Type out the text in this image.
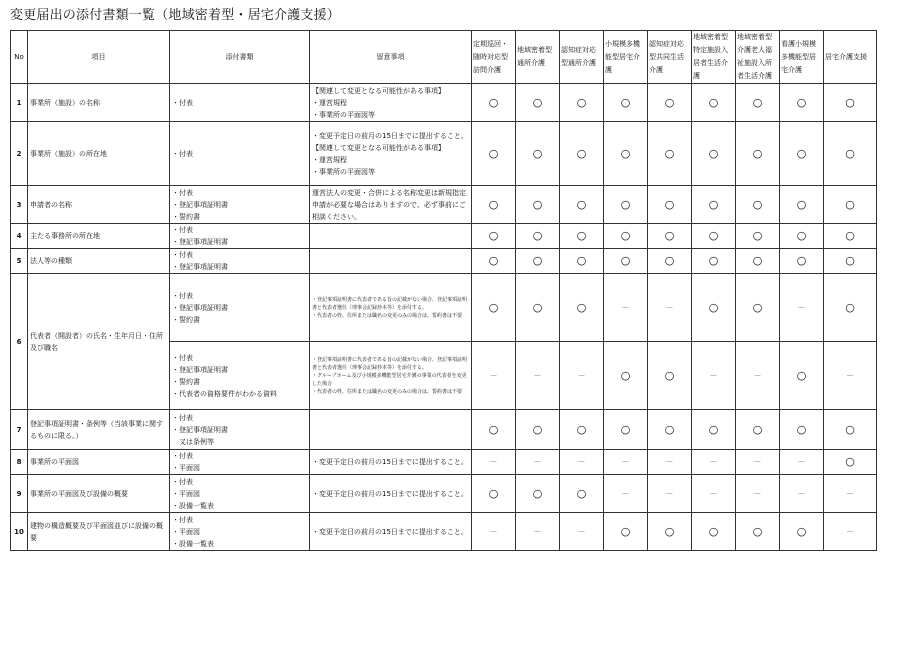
変更届出の添付書類一覧（地域密着型・居宅介護支援）
No	項目	添付書類	留意事項	定期巡回・随時対応型訪問介護	地域密着型通所介護	認知症対応型通所介護	小規模多機能型居宅介護	認知症対応型共同生活介護	地域密着型特定施設入居者生活介護	地域密着型介護老人福祉施設入所者生活介護	看護小規模多機能型居宅介護	居宅介護支援
1	事業所（施設）の名称	・付表	【関連して変更となる可能性がある事項】
・運営規程
・事業所の平面図等	○	○	○	○	○	○	○	○	○
2	事業所（施設）の所在地	・付表	・変更予定日の前月の15日までに提出すること。
【関連して変更となる可能性がある事項】
・運営規程
・事業所の平面図等	○	○	○	○	○	○	○	○	○
3	申請者の名称	・付表
・登記事項証明書
・誓約書	運営法人の変更・合併による名称変更は新規指定申請が必要な場合はありますので、必ず事前にご相談ください。	○	○	○	○	○	○	○	○	○
4	主たる事務所の所在地	・付表
・登記事項証明書		○	○	○	○	○	○	○	○	○
5	法人等の種類	・付表
・登記事項証明書		○	○	○	○	○	○	○	○	○
6	代表者（開設者）の氏名・生年月日・住所及び職名	・付表
・登記事項証明書
・誓約書	・登記事項証明書に代表者である旨の記載がない場合、登記事項証明書と代表者選任（理事会記録抄本等）を添付する。
・代表者の姓、住所または職名の変更のみの場合は、誓約書は不要	○	○	○	－	－	○	○	－	○

		・付表
・登記事項証明書
・誓約書
・代表者の資格要件がわかる資料	・登記事項証明書に代表者である旨の記載がない場合、登記事項証明書と代表者選任（理事会記録抄本等）を添付する。
・グループホーム及び小規模多機能型居宅介護の事業の代表者を変更した場合
・代表者の姓、住所または職名の変更のみの場合は、誓約書は不要	－	－	－	○	○	－	－	○	－
7	登記事項証明書・条例等（当該事業に関するものに限る。）	・付表
・登記事項証明書
　又は条例等		○	○	○	○	○	○	○	○	○
8	事業所の平面図	・付表
・平面図	・変更予定日の前月の15日までに提出すること。	－	－	－	－	－	－	－	－	○
9	事業所の平面図及び設備の概要	・付表
・平面図
・設備一覧表	・変更予定日の前月の15日までに提出すること。	○	○	○	－	－	－	－	－	－
10	建物の構造概要及び平面図並びに設備の概要	・付表
・平面図
・設備一覧表	・変更予定日の前月の15日までに提出すること。	－	－	－	○	○	○	○	○	－
